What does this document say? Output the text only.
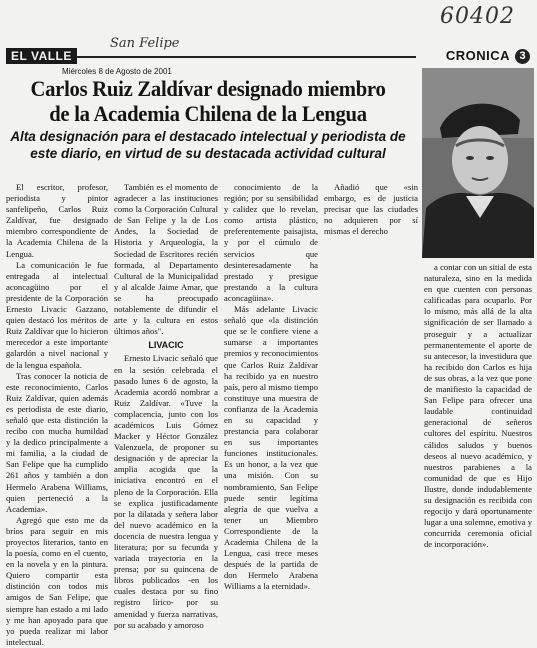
60402
San Felipe
EL VALLE	CRONICA 3
Miércoles 8 de Agosto de 2001
Carlos Ruiz Zaldívar designado miembro de la Academia Chilena de la Lengua
Alta designación para el destacado intelectual y periodista de este diario, en virtud de su destacada actividad cultural

El escritor, profesor, periodista y pintor sanfelipeño, Carlos Ruiz Zaldívar, fue designado miembro correspondiente de la Academia Chilena de la Lengua.

La comunicación le fue entregada al intelectual aconcagüino por el presidente de la Corporación Ernesto Livacic Gazzano, quien destacó los méritos de Ruiz Zaldívar que lo hicieron merecedor a este importante galardón a nivel nacional y de la lengua española.

Tras conocer la noticia de este reconocimiento, Carlos Ruiz Zaldívar, quien además es periodista de este diario, señaló que esta distinción la recibo con mucha humildad y la dedico principalmente a mi familia, a la ciudad de San Felipe que ha cumplido 261 años y también a don Hermelo Arabena Williams, quien perteneció a la Academia».

Agregó que esto me da bríos para seguir en mis proyectos literarios, tanto en la poesía, como en el cuento, en la novela y en la pintura. Quiero compartir esta distinción con todos mis amigos de San Felipe, que siempre han estado a mi lado y me han apoyado para que yo pueda realizar mi labor intelectual.

También es el momento de agradecer a las instituciones como la Corporación Cultural de San Felipe y la de Los Andes, la Sociedad de Historia y Arqueología, la Sociedad de Escritores recién formada, al Departamento Cultural de la Municipalidad y al alcalde Jaime Amar, que se ha preocupado notablemente de difundir el arte y la cultura en estos últimos años".

LIVACIC

Ernesto Livacic señaló que en la sesión celebrada el pasado lunes 6 de agosto, la Academia acordó nombrar a Ruiz Zaldívar. «Tuve la complacencia, junto con los académicos Luis Gómez Macker y Héctor González Valenzuela, de proponer su designación y de apreciar la amplia acogida que la iniciativa encontró en el pleno de la Corporación. Ella se explica justificadamente por la dilatada y señera labor del nuevo académico en la docencia de nuestra lengua y literatura; por su fecunda y variada trayectoria en la prensa; por su quincena de libros publicados -en los cuales destaca por su fino registro lírico- por su amenidad y fuerza narrativas, por su acabado y amoroso

conocimiento de la región; por su sensibilidad y calidez que lo revelan, como artista plástico, preferentemente paisajista, y por el cúmulo de servicios que desinteresadamente ha prestado y presigue prestando a la cultura aconcagüina».

Más adelante Livacic señaló que «la distinción que se le confiere viene a sumarse a importantes premios y reconocimientos que Carlos Ruiz Zaldívar ha recibido ya en nuestro país, pero al mismo tiempo constituye una muestra de confianza de la Academia en su capacidad y prestancia para colaborar en sus importantes funciones institucionales. Es un honor, a la vez que una misión. Con su nombramiento, San Felipe puede sentir legítima alegría de que vuelva a tener un Miembro Correspondiente de la Academia Chilena de la Lengua, casi trece meses después de la partida de don Hermelo Arabena Williams a la eternidad».

Añadió que «sin embargo, es de justicia precisar que las ciudades no adquieren por sí mismas el derecho

a contar con un sitial de esta naturaleza, sino en la medida en que cuenten con personas calificadas para ocuparlo. Por lo mismo, más allá de la alta significación de ser llamado a proseguir y a actualizar permanentemente el aporte de su antecesor, la investidura que ha recibido don Carlos es hija de sus obras, a la vez que pone de manifiesto la capacidad de San Felipe para ofrecer una laudable continuidad generacional de señeros cultores del espíritu. Nuestros cálidos saludos y buenos deseos al nuevo académico, y nuestros parabienes a la comunidad de que es Hijo Ilustre, donde indudablemente su designación es recibida con regocijo y dará oportunamente lugar a una solemne, emotiva y concurrida ceremonia oficial de incorporación».
